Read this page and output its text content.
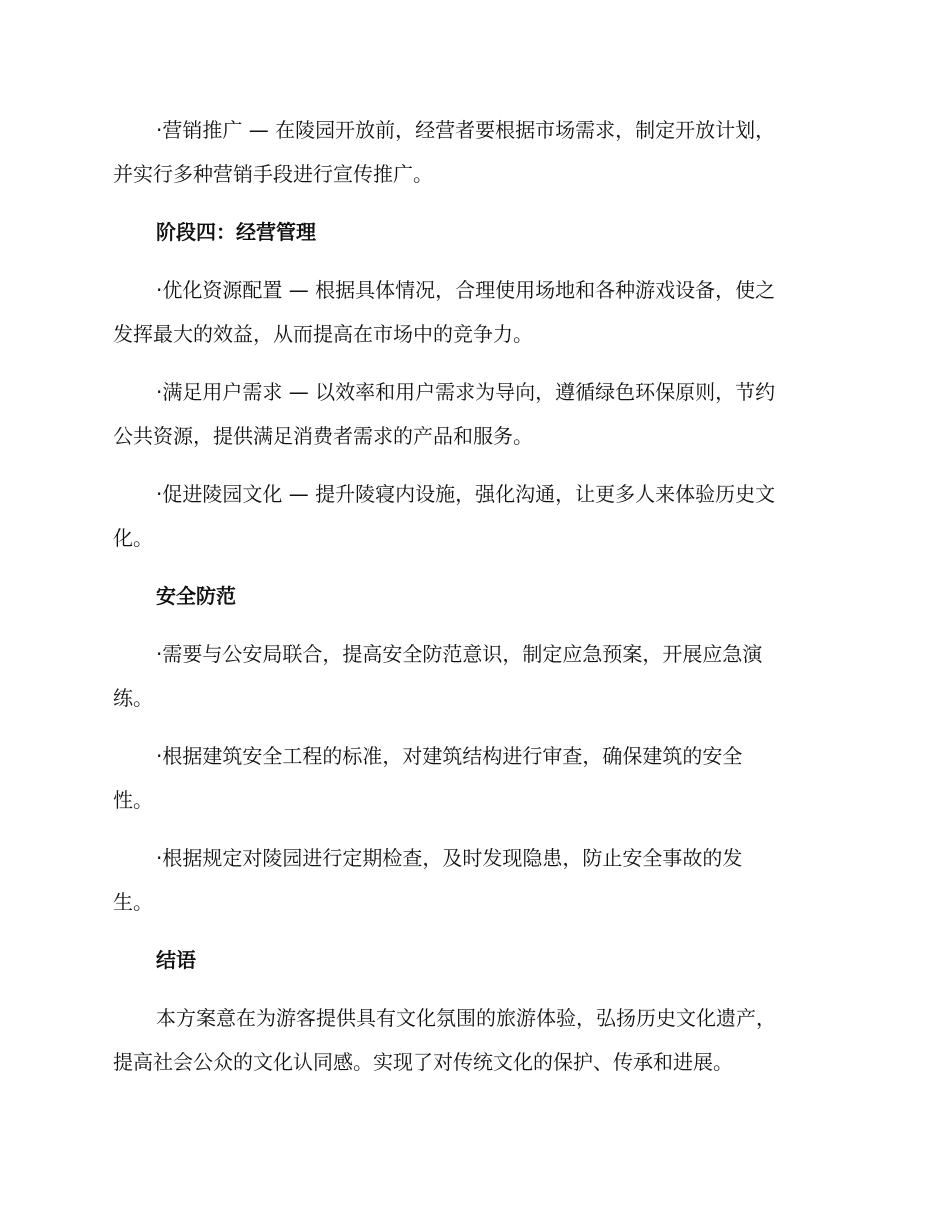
·营销推广 — 在陵园开放前，经营者要根据市场需求，制定开放计划，
并实行多种营销手段进行宣传推广。
阶段四：经营管理
·优化资源配置 — 根据具体情况，合理使用场地和各种游戏设备，使之
发挥最大的效益，从而提高在市场中的竞争力。
·满足用户需求 — 以效率和用户需求为导向，遵循绿色环保原则，节约
公共资源，提供满足消费者需求的产品和服务。
·促进陵园文化 — 提升陵寝内设施，强化沟通，让更多人来体验历史文
化。
安全防范
·需要与公安局联合，提高安全防范意识，制定应急预案，开展应急演
练。
·根据建筑安全工程的标准，对建筑结构进行审查，确保建筑的安全
性。
·根据规定对陵园进行定期检查，及时发现隐患，防止安全事故的发
生。
结语
本方案意在为游客提供具有文化氛围的旅游体验，弘扬历史文化遗产，
提高社会公众的文化认同感。实现了对传统文化的保护、传承和进展。
